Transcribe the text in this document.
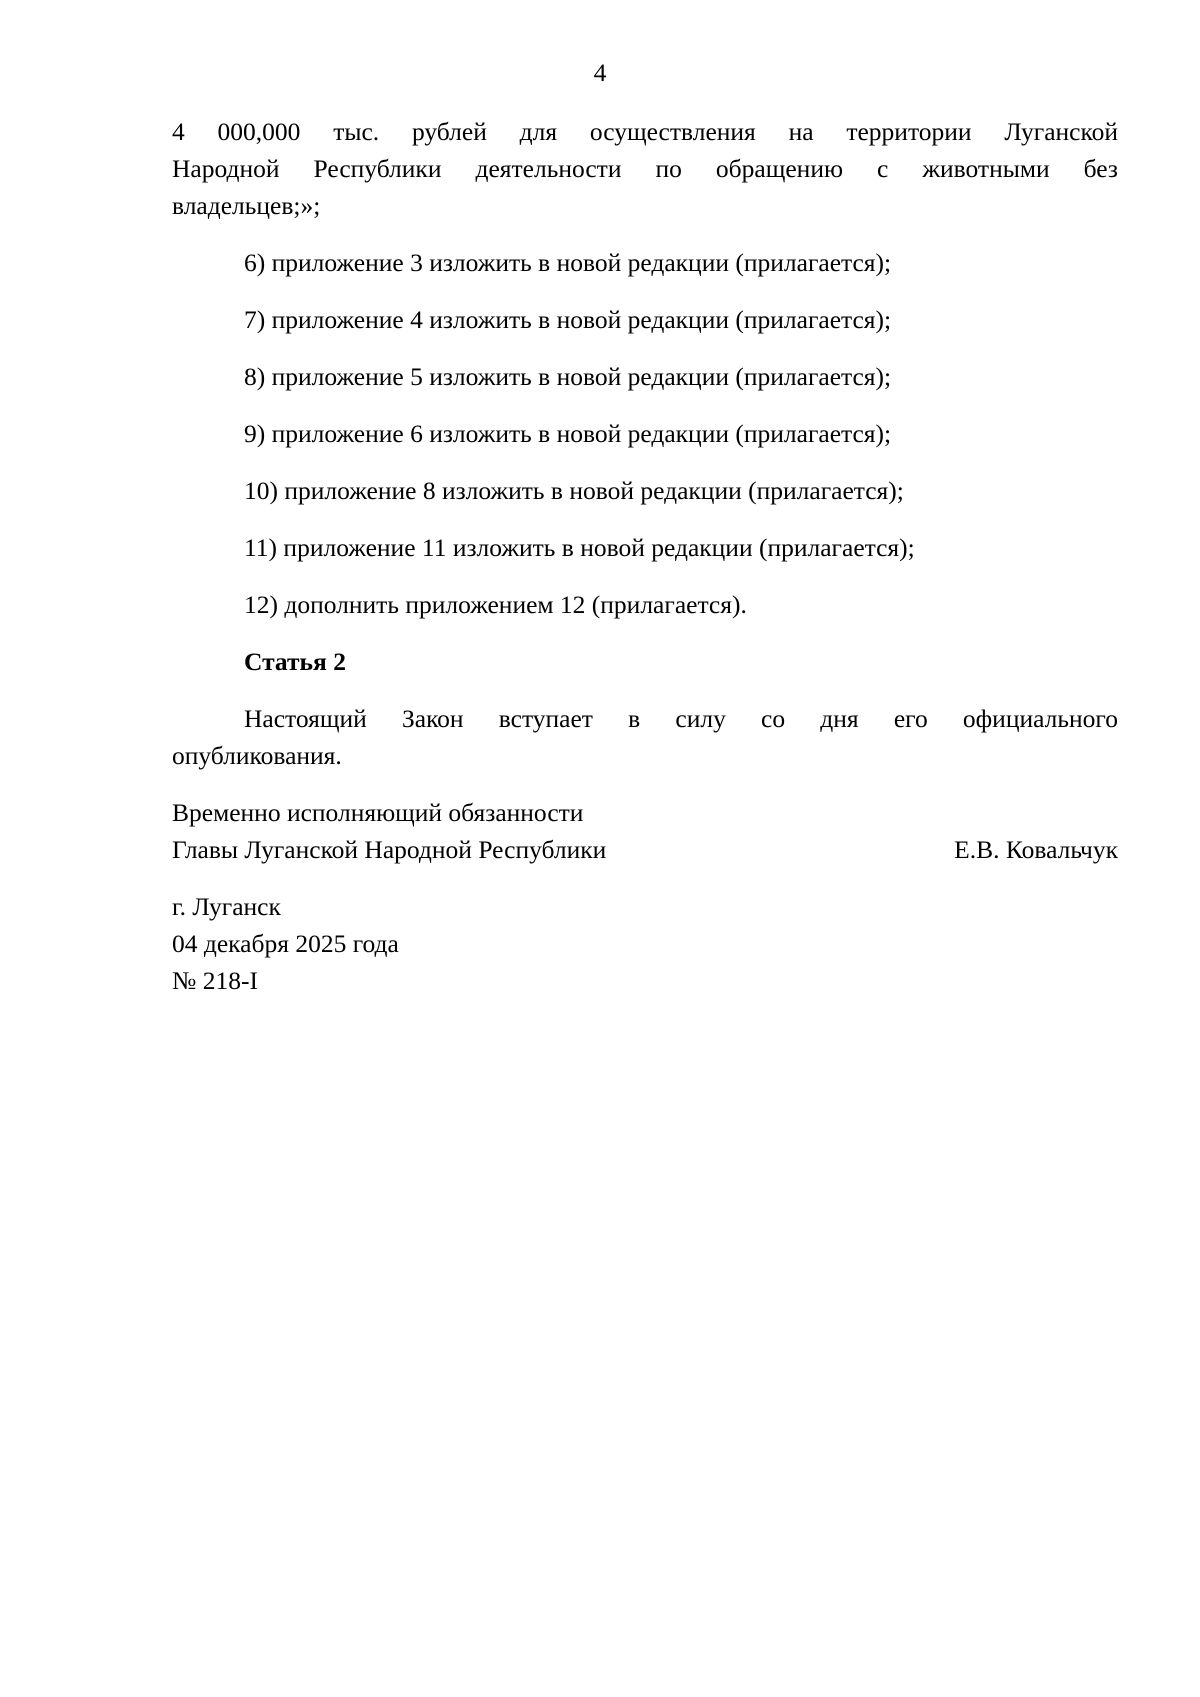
4

4 000,000 тыс. рублей для осуществления на территории Луганской
Народной Республики деятельности по обращению с животными без
владельцев;»;

6) приложение 3 изложить в новой редакции (прилагается);

7) приложение 4 изложить в новой редакции (прилагается);

8) приложение 5 изложить в новой редакции (прилагается);

9) приложение 6 изложить в новой редакции (прилагается);

10) приложение 8 изложить в новой редакции (прилагается);

11) приложение 11 изложить в новой редакции (прилагается);

12) дополнить приложением 12 (прилагается).

Статья 2

Настоящий Закон вступает в силу со дня его официального
опубликования.

Временно исполняющий обязанности
Главы Луганской Народной Республики	Е.В. Ковальчук
г. Луганск
04 декабря 2025 года
№ 218-I
